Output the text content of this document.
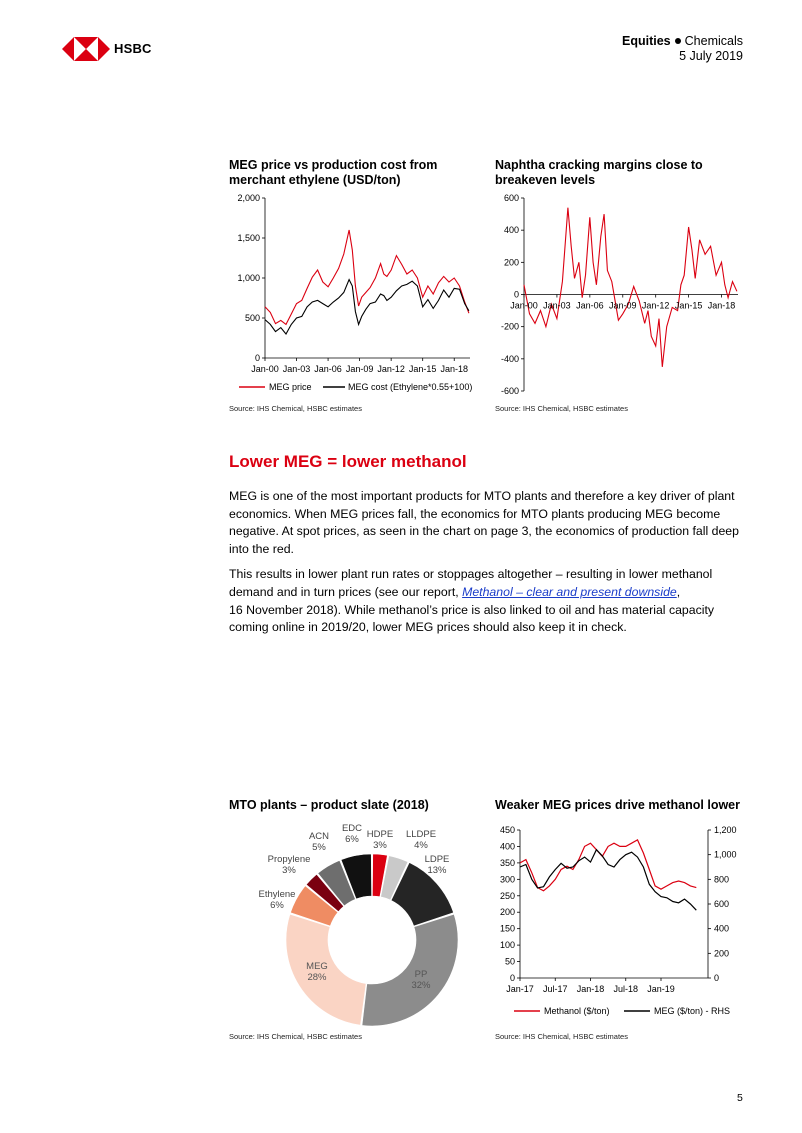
HSBC	Equities Chemicals
5 July 2019
MEG price vs production cost from
merchant ethylene (USD/ton)
0
500
1,000
1,500
2,000
Jan-00 Jan-03 Jan-06 Jan-09 Jan-12 Jan-15 Jan-18
MEG price	MEG cost (Ethylene*0.55+100)
Source: IHS Chemical, HSBC estimates
Naphtha cracking margins close to
breakeven levels
-600
-400
-200
0
200
400
600
Jan-00 Jan-03 Jan-06 Jan-09 Jan-12 Jan-15 Jan-18
Source: IHS Chemical, HSBC estimates
Lower MEG = lower methanol

MEG is one of the most important products for MTO plants and therefore a key driver of plant economics. When MEG prices fall, the economics for MTO plants producing MEG become negative. At spot prices, as seen in the chart on page 3, the economics of production fall deep into the red.

This results in lower plant run rates or stoppages altogether – resulting in lower methanol demand and in turn prices (see our report, Methanol – clear and present downside,
16 November 2018). While methanol’s price is also linked to oil and has material capacity coming online in 2019/20, lower MEG prices should also keep it in check.

MTO plants – product slate (2018)
HDPE
3%
LLDPE
4%
LDPE
13%
PP
32%
MEG
28%
Ethylene
6%
Propylene
3%
ACN
5%
EDC
6%
Source: IHS Chemical, HSBC estimates
Weaker MEG prices drive methanol lower
0
50
100
150
200
250
300
350
400
450
0
200
400
600
800
1,000
1,200
Jan-17 Jul-17 Jan-18 Jul-18 Jan-19
Methanol ($/ton)	MEG ($/ton) - RHS
Source: IHS Chemical, HSBC estimates
5
